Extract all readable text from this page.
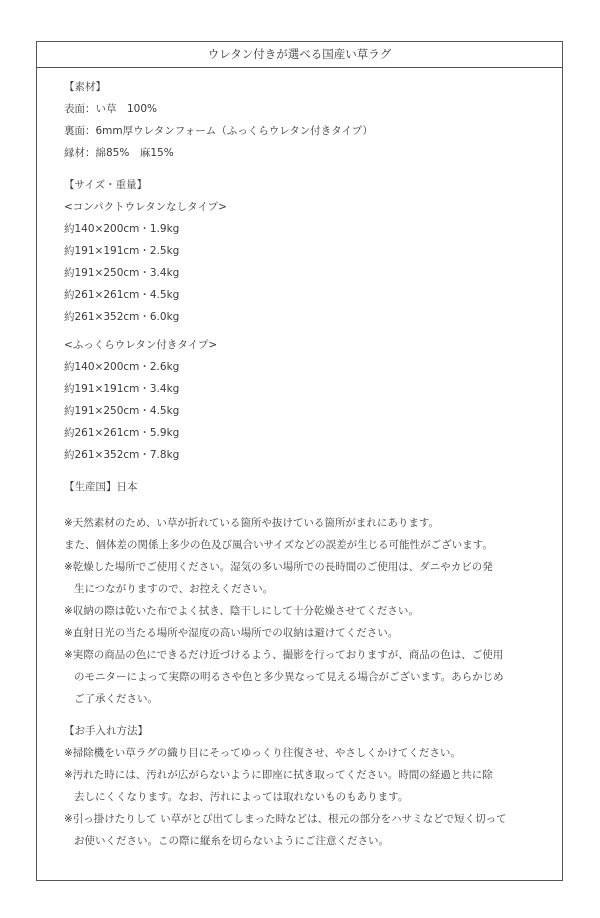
ウレタン付きが選べる国産い草ラグ
【素材】
表面：い草　100%
裏面：6mm厚ウレタンフォーム（ふっくらウレタン付きタイプ）
縁材：綿85%　麻15%
【サイズ・重量】
<コンパクトウレタンなしタイプ>
約140×200cm・1.9kg
約191×191cm・2.5kg
約191×250cm・3.4kg
約261×261cm・4.5kg
約261×352cm・6.0kg
<ふっくらウレタン付きタイプ>
約140×200cm・2.6kg
約191×191cm・3.4kg
約191×250cm・4.5kg
約261×261cm・5.9kg
約261×352cm・7.8kg
【生産国】日本
※天然素材のため、い草が折れている箇所や抜けている箇所がまれにあります。
また、個体差の関係上多少の色及び風合いサイズなどの誤差が生じる可能性がございます。
※乾燥した場所でご使用ください。湿気の多い場所での長時間のご使用は、ダニやカビの発
生につながりますので、お控えください。
※収納の際は乾いた布でよく拭き、陰干しにして十分乾燥させてください。
※直射日光の当たる場所や湿度の高い場所での収納は避けてください。
※実際の商品の色にできるだけ近づけるよう、撮影を行っておりますが、商品の色は、ご使用
のモニターによって実際の明るさや色と多少異なって見える場合がございます。あらかじめ
ご了承ください。
【お手入れ方法】
※掃除機をい草ラグの織り目にそってゆっくり往復させ、やさしくかけてください。
※汚れた時には、汚れが広がらないように即座に拭き取ってください。時間の経過と共に除
去しにくくなります。なお、汚れによっては取れないものもあります。
※引っ掛けたりして い草がとび出てしまった時などは、根元の部分をハサミなどで短く切って
お使いください。この際に縦糸を切らないようにご注意ください。
